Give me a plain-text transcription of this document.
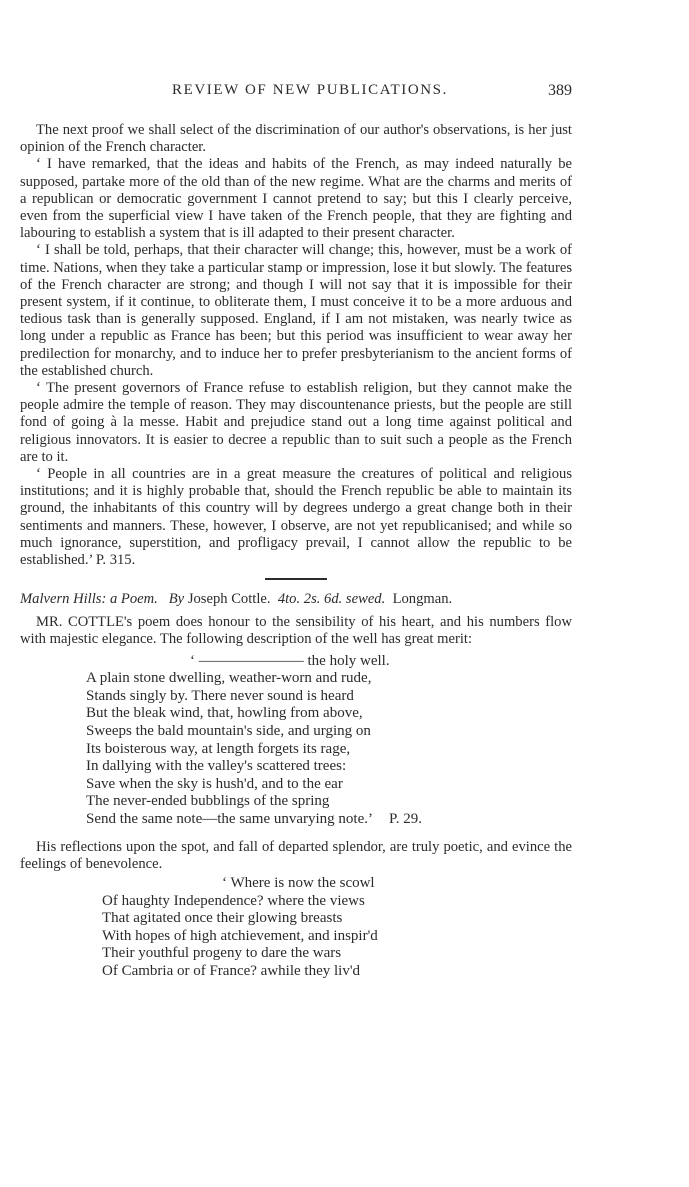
REVIEW OF NEW PUBLICATIONS.	389

The next proof we shall select of the discrimination of our author's observations, is her just opinion of the French character.

‘ I have remarked, that the ideas and habits of the French, as may indeed naturally be supposed, partake more of the old than of the new regime. What are the charms and merits of a republican or democratic government I cannot pretend to say; but this I clearly perceive, even from the superficial view I have taken of the French people, that they are fighting and labouring to establish a system that is ill adapted to their present character.

‘ I shall be told, perhaps, that their character will change; this, however, must be a work of time. Nations, when they take a particular stamp or impression, lose it but slowly. The features of the French character are strong; and though I will not say that it is impossible for their present system, if it continue, to obliterate them, I must conceive it to be a more arduous and tedious task than is generally supposed. England, if I am not mistaken, was nearly twice as long under a republic as France has been; but this period was insufficient to wear away her predilection for monarchy, and to induce her to prefer presbyterianism to the ancient forms of the established church.

‘ The present governors of France refuse to establish religion, but they cannot make the people admire the temple of reason. They may discountenance priests, but the people are still fond of going à la messe. Habit and prejudice stand out a long time against political and religious innovators. It is easier to decree a republic than to suit such a people as the French are to it.

‘ People in all countries are in a great measure the creatures of political and religious institutions; and it is highly probable that, should the French republic be able to maintain its ground, the inhabitants of this country will by degrees undergo a great change both in their sentiments and manners. These, however, I observe, are not yet republicanised; and while so much ignorance, superstition, and profligacy prevail, I cannot allow the republic to be established.’ P. 315.

Malvern Hills: a Poem. By Joseph Cottle. 4to. 2s. 6d. sewed. Longman.

MR. COTTLE's poem does honour to the sensibility of his heart, and his numbers flow with majestic elegance. The following description of the well has great merit:

‘ ——————— the holy well.
A plain stone dwelling, weather-worn and rude,
Stands singly by. There never sound is heard
But the bleak wind, that, howling from above,
Sweeps the bald mountain's side, and urging on
Its boisterous way, at length forgets its rage,
In dallying with the valley's scattered trees:
Save when the sky is hush'd, and to the ear
The never-ended bubblings of the spring
Send the same note—the same unvarying note.’ P. 29.

His reflections upon the spot, and fall of departed splendor, are truly poetic, and evince the feelings of benevolence.

‘ Where is now the scowl
Of haughty Independence? where the views
That agitated once their glowing breasts
With hopes of high atchievement, and inspir'd
Their youthful progeny to dare the wars
Of Cambria or of France? awhile they liv'd
